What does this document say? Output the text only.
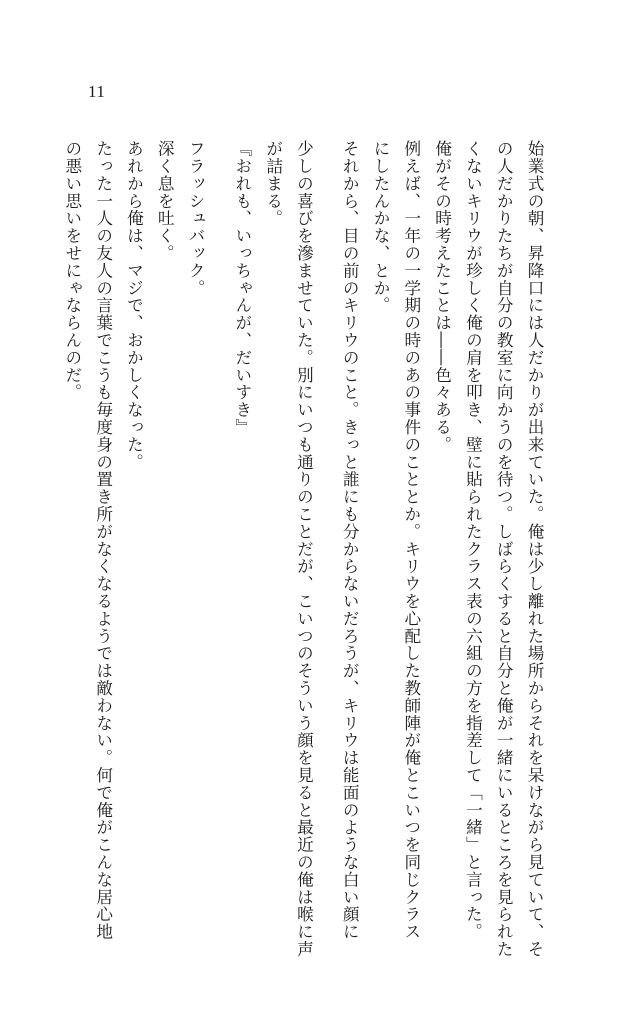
11
始業式の朝、昇降口には人だかりが出来ていた。俺は少し離れた場所からそれを呆けながら見ていて、そ
の人だかりたちが自分の教室に向かうのを待つ。しばらくすると自分と俺が一緒にいるところを見られた
くないキリウが珍しく俺の肩を叩き、壁に貼られたクラス表の六組の方を指差して「一緒」と言った。
俺がその時考えたことは――色々ある。
例えば、一年の一学期の時のあの事件のこととか。キリウを心配した教師陣が俺とこいつを同じクラス
にしたんかな、とか。
それから、目の前のキリウのこと。きっと誰にも分からないだろうが、キリウは能面のような白い顔に
少しの喜びを滲ませていた。別にいつも通りのことだが、こいつのそういう顔を見ると最近の俺は喉に声
が詰まる。
『おれも、いっちゃんが、だいすき』
フラッシュバック。
深く息を吐く。
あれから俺は、マジで、おかしくなった。
たった一人の友人の言葉でこうも毎度身の置き所がなくなるようでは敵わない。何で俺がこんな居心地
の悪い思いをせにゃならんのだ。
